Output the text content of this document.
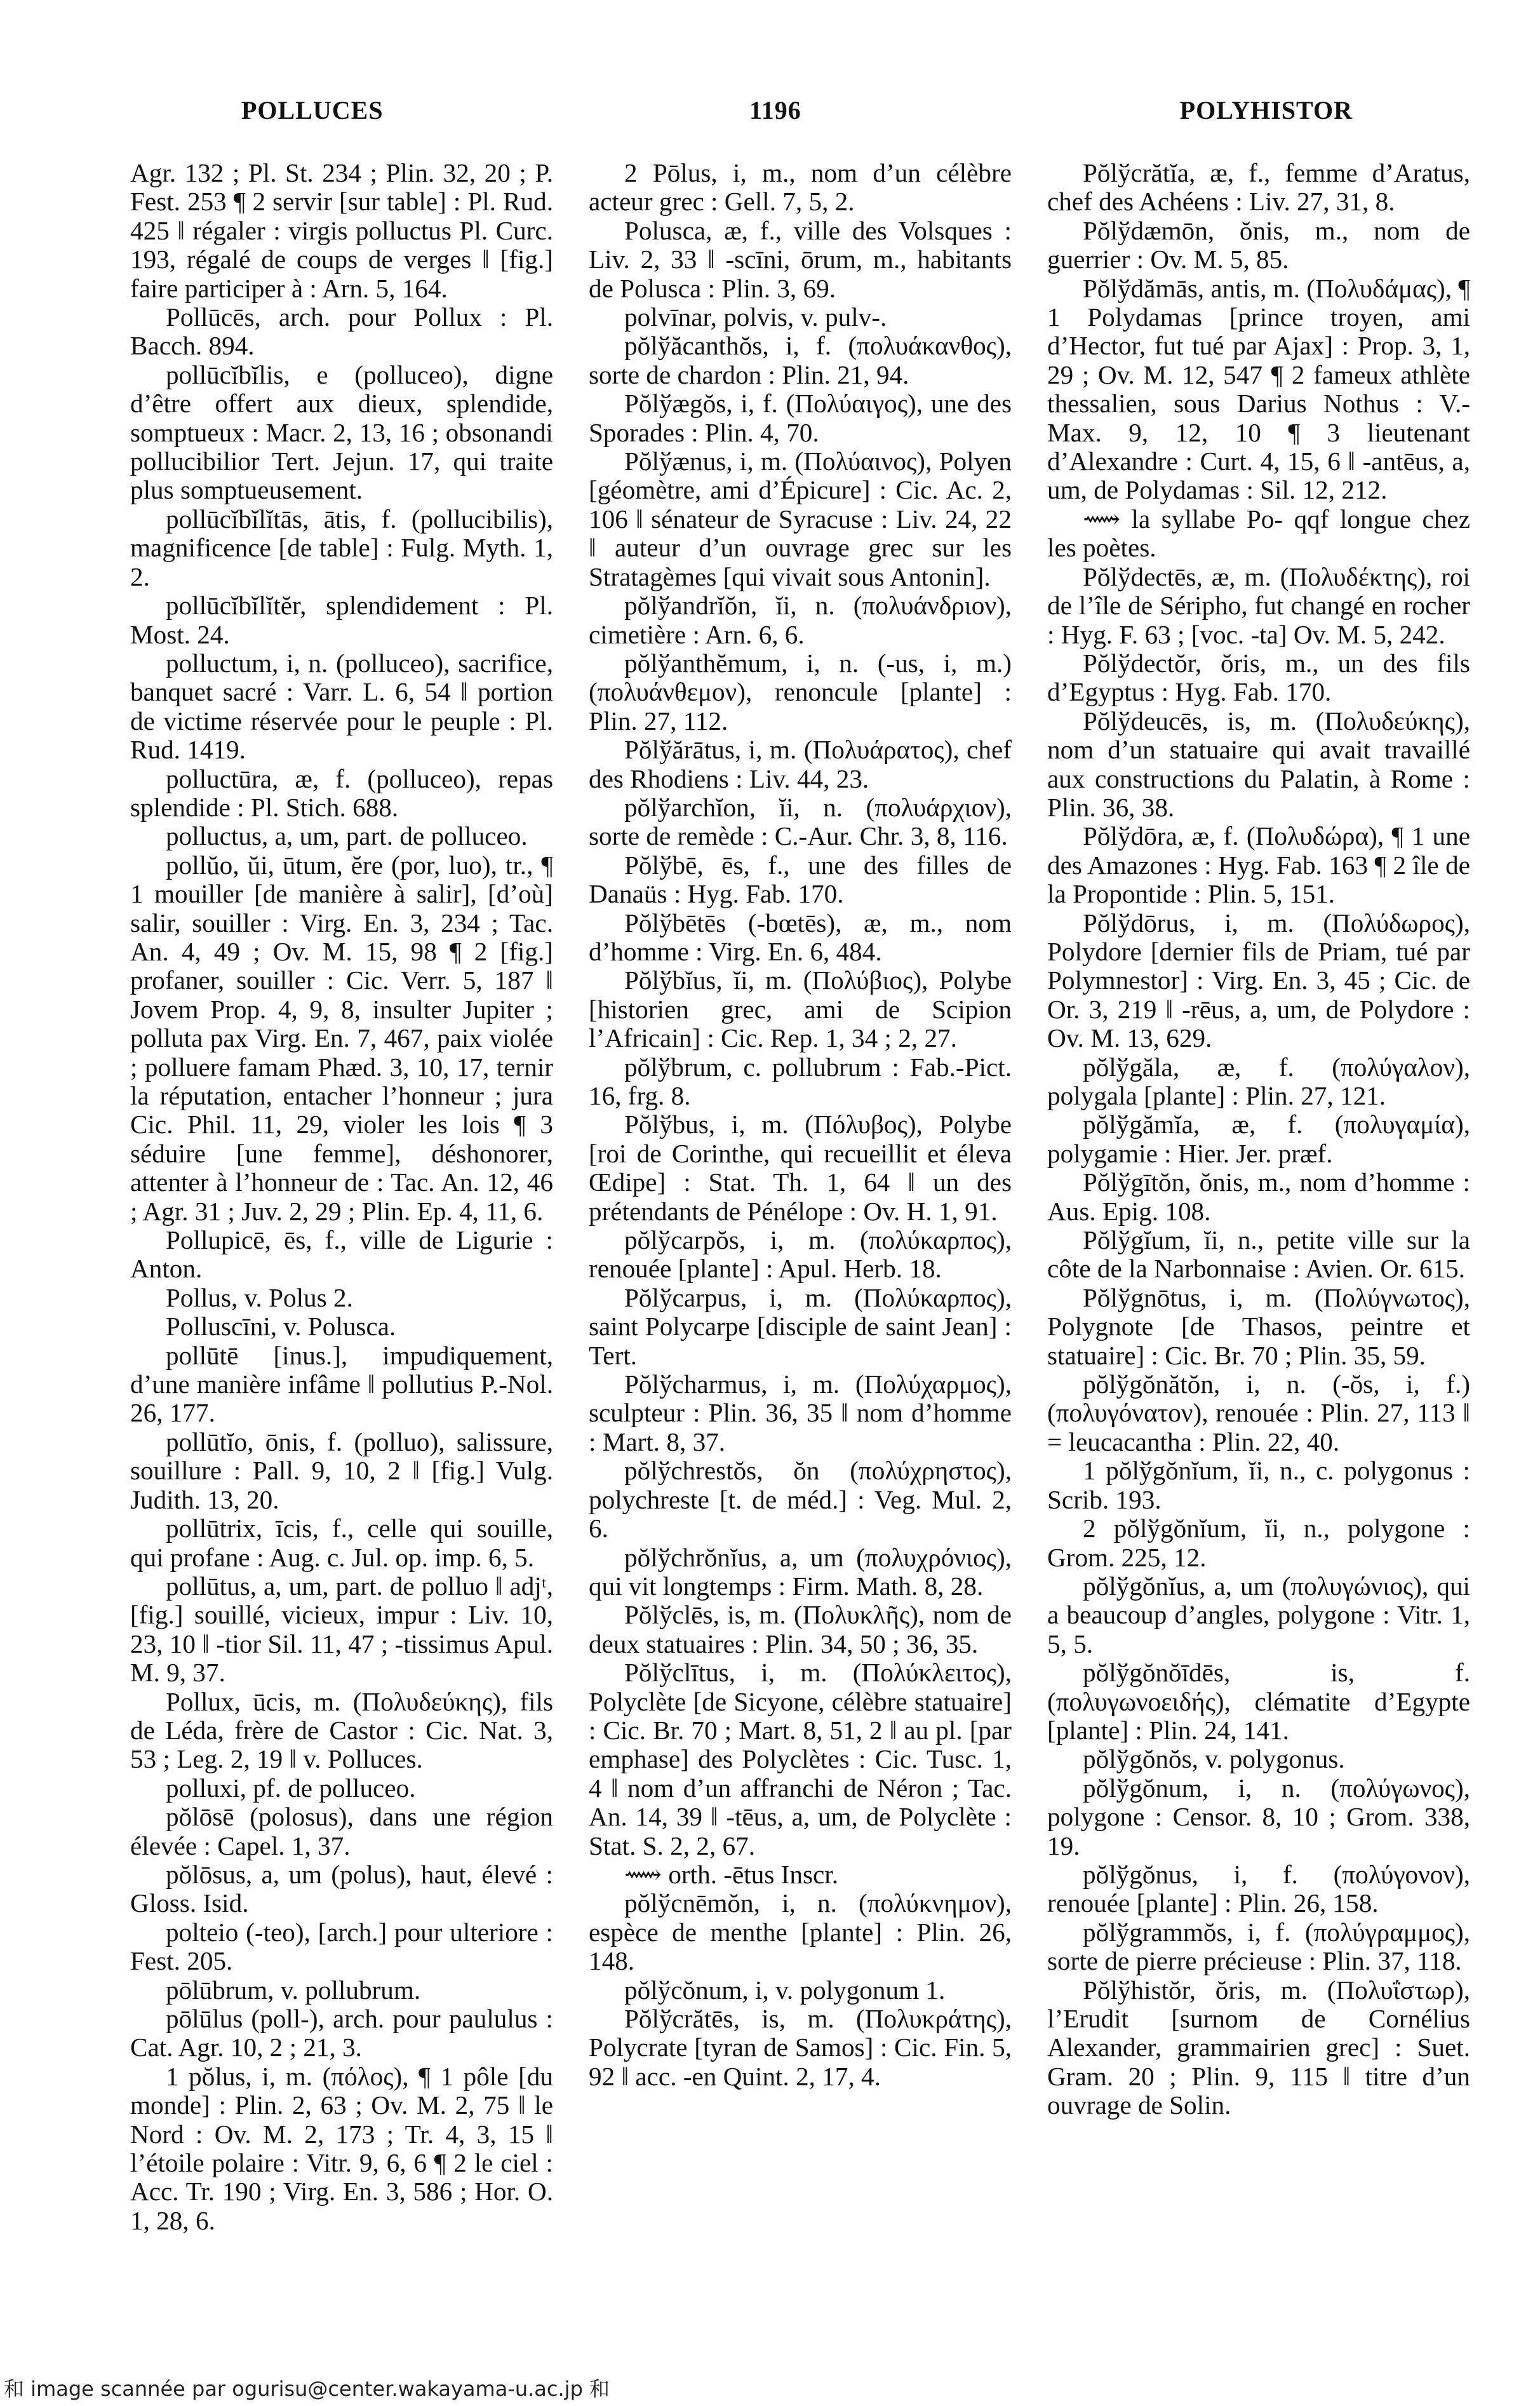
POLLUCES	1196	POLYHISTOR

Agr. 132 ; Pl. St. 234 ; Plin. 32, 20 ; P. Fest. 253 ¶ 2 servir [sur table] : Pl. Rud. 425 ‖ régaler : virgis polluctus Pl. Curc. 193, régalé de coups de verges ‖ [fig.] faire participer à : Arn. 5, 164.

Pollūcēs, arch. pour Pollux : Pl. Bacch. 894.

pollūcĭbĭlis, e (polluceo), digne d’être offert aux dieux, splendide, somptueux : Macr. 2, 13, 16 ; obsonandi pollucibilior Tert. Jejun. 17, qui traite plus somptueusement.

pollūcĭbĭlĭtās, ātis, f. (pollucibilis), magnificence [de table] : Fulg. Myth. 1, 2.

pollūcĭbĭlĭtĕr, splendidement : Pl. Most. 24.

polluctum, i, n. (polluceo), sacrifice, banquet sacré : Varr. L. 6, 54 ‖ portion de victime réservée pour le peuple : Pl. Rud. 1419.

polluctūra, æ, f. (polluceo), repas splendide : Pl. Stich. 688.

polluctus, a, um, part. de polluceo.

pollŭo, ŭi, ūtum, ĕre (por, luo), tr., ¶ 1 mouiller [de manière à salir], [d’où] salir, souiller : Virg. En. 3, 234 ; Tac. An. 4, 49 ; Ov. M. 15, 98 ¶ 2 [fig.] profaner, souiller : Cic. Verr. 5, 187 ‖ Jovem Prop. 4, 9, 8, insulter Jupiter ; polluta pax Virg. En. 7, 467, paix violée ; polluere famam Phæd. 3, 10, 17, ternir la réputation, entacher l’honneur ; jura Cic. Phil. 11, 29, violer les lois ¶ 3 séduire [une femme], déshonorer, attenter à l’honneur de : Tac. An. 12, 46 ; Agr. 31 ; Juv. 2, 29 ; Plin. Ep. 4, 11, 6.

Pollupicē, ēs, f., ville de Ligurie : Anton.

Pollus, v. Polus 2.

Polluscīni, v. Polusca.

pollūtē [inus.], impudiquement, d’une manière infâme ‖ pollutius P.-Nol. 26, 177.

pollūtĭo, ōnis, f. (polluo), salissure, souillure : Pall. 9, 10, 2 ‖ [fig.] Vulg. Judith. 13, 20.

pollūtrix, īcis, f., celle qui souille, qui profane : Aug. c. Jul. op. imp. 6, 5.

pollūtus, a, um, part. de polluo ‖ adjᵗ, [fig.] souillé, vicieux, impur : Liv. 10, 23, 10 ‖ -tior Sil. 11, 47 ; -tissimus Apul. M. 9, 37.

Pollux, ūcis, m. (Πολυδεύκης), fils de Léda, frère de Castor : Cic. Nat. 3, 53 ; Leg. 2, 19 ‖ v. Polluces.

polluxi, pf. de polluceo.

pŏlōsē (polosus), dans une région élevée : Capel. 1, 37.

pŏlōsus, a, um (polus), haut, élevé : Gloss. Isid.

polteio (-teo), [arch.] pour ulteriore : Fest. 205.

pōlūbrum, v. pollubrum.

pōlūlus (poll-), arch. pour paululus : Cat. Agr. 10, 2 ; 21, 3.

1 pŏlus, i, m. (πόλος), ¶ 1 pôle [du monde] : Plin. 2, 63 ; Ov. M. 2, 75 ‖ le Nord : Ov. M. 2, 173 ; Tr. 4, 3, 15 ‖ l’étoile polaire : Vitr. 9, 6, 6 ¶ 2 le ciel : Acc. Tr. 190 ; Virg. En. 3, 586 ; Hor. O. 1, 28, 6.

2 Pōlus, i, m., nom d’un célèbre acteur grec : Gell. 7, 5, 2.

Polusca, æ, f., ville des Volsques : Liv. 2, 33 ‖ -scīni, ōrum, m., habitants de Polusca : Plin. 3, 69.

polvīnar, polvis, v. pulv-.

pŏlўăcanthŏs, i, f. (πολυάκανθος), sorte de chardon : Plin. 21, 94.

Pŏlўægŏs, i, f. (Πολύαιγος), une des Sporades : Plin. 4, 70.

Pŏlўænus, i, m. (Πολύαινος), Polyen [géomètre, ami d’Épicure] : Cic. Ac. 2, 106 ‖ sénateur de Syracuse : Liv. 24, 22 ‖ auteur d’un ouvrage grec sur les Stratagèmes [qui vivait sous Antonin].

pŏlўandrĭŏn, ĭi, n. (πολυάνδριον), cimetière : Arn. 6, 6.

pŏlўanthĕmum, i, n. (-us, i, m.) (πολυάνθεμον), renoncule [plante] : Plin. 27, 112.

Pŏlўărātus, i, m. (Πολυάρατος), chef des Rhodiens : Liv. 44, 23.

pŏlўarchĭon, ĭi, n. (πολυάρχιον), sorte de remède : C.-Aur. Chr. 3, 8, 116.

Pŏlўbē, ēs, f., une des filles de Danaüs : Hyg. Fab. 170.

Pŏlўbētēs (-bœtēs), æ, m., nom d’homme : Virg. En. 6, 484.

Pŏlўbĭus, ĭi, m. (Πολύβιος), Polybe [historien grec, ami de Scipion l’Africain] : Cic. Rep. 1, 34 ; 2, 27.

pŏlўbrum, c. pollubrum : Fab.-Pict. 16, frg. 8.

Pŏlўbus, i, m. (Πόλυβος), Polybe [roi de Corinthe, qui recueillit et éleva Œdipe] : Stat. Th. 1, 64 ‖ un des prétendants de Pénélope : Ov. H. 1, 91.

pŏlўcarpŏs, i, m. (πολύκαρπος), renouée [plante] : Apul. Herb. 18.

Pŏlўcarpus, i, m. (Πολύκαρπος), saint Polycarpe [disciple de saint Jean] : Tert.

Pŏlўcharmus, i, m. (Πολύχαρμος), sculpteur : Plin. 36, 35 ‖ nom d’homme : Mart. 8, 37.

pŏlўchrestŏs, ŏn (πολύχρηστος), polychreste [t. de méd.] : Veg. Mul. 2, 6.

pŏlўchrŏnĭus, a, um (πολυχρόνιος), qui vit longtemps : Firm. Math. 8, 28.

Pŏlўclēs, is, m. (Πολυκλῆς), nom de deux statuaires : Plin. 34, 50 ; 36, 35.

Pŏlўclītus, i, m. (Πολύκλειτος), Polyclète [de Sicyone, célèbre statuaire] : Cic. Br. 70 ; Mart. 8, 51, 2 ‖ au pl. [par emphase] des Polyclètes : Cic. Tusc. 1, 4 ‖ nom d’un affranchi de Néron ; Tac. An. 14, 39 ‖ -tēus, a, um, de Polyclète : Stat. S. 2, 2, 67.

⟿ orth. -ētus Inscr.

pŏlўcnēmŏn, i, n. (πολύκνημον), espèce de menthe [plante] : Plin. 26, 148.

pŏlўcŏnum, i, v. polygonum 1.

Pŏlўcrătēs, is, m. (Πολυκράτης), Polycrate [tyran de Samos] : Cic. Fin. 5, 92 ‖ acc. -en Quint. 2, 17, 4.

Pŏlўcrătĭa, æ, f., femme d’Aratus, chef des Achéens : Liv. 27, 31, 8.

Pŏlўdæmōn, ŏnis, m., nom de guerrier : Ov. M. 5, 85.

Pŏlўdămās, antis, m. (Πολυδάμας), ¶ 1 Polydamas [prince troyen, ami d’Hector, fut tué par Ajax] : Prop. 3, 1, 29 ; Ov. M. 12, 547 ¶ 2 fameux athlète thessalien, sous Darius Nothus : V.-Max. 9, 12, 10 ¶ 3 lieutenant d’Alexandre : Curt. 4, 15, 6 ‖ -antēus, a, um, de Polydamas : Sil. 12, 212.

⟿ la syllabe Po- qqf longue chez les poètes.

Pŏlўdectēs, æ, m. (Πολυδέκτης), roi de l’île de Sériphо, fut changé en rocher : Hyg. F. 63 ; [voc. -ta] Ov. M. 5, 242.

Pŏlўdectŏr, ŏris, m., un des fils d’Egyptus : Hyg. Fab. 170.

Pŏlўdeucēs, is, m. (Πολυδεύκης), nom d’un statuaire qui avait travaillé aux constructions du Palatin, à Rome : Plin. 36, 38.

Pŏlўdōra, æ, f. (Πολυδώρα), ¶ 1 une des Amazones : Hyg. Fab. 163 ¶ 2 île de la Propontide : Plin. 5, 151.

Pŏlўdōrus, i, m. (Πολύδωρος), Polydore [dernier fils de Priam, tué par Polymnestor] : Virg. En. 3, 45 ; Cic. de Or. 3, 219 ‖ -rēus, a, um, de Polydore : Ov. M. 13, 629.

pŏlўgăla, æ, f. (πολύγαλον), polygala [plante] : Plin. 27, 121.

pŏlўgămĭa, æ, f. (πολυγαμία), polygamie : Hier. Jer. præf.

Pŏlўgītŏn, ŏnis, m., nom d’homme : Aus. Epig. 108.

Pŏlўgĭum, ĭi, n., petite ville sur la côte de la Narbonnaise : Avien. Or. 615.

Pŏlўgnōtus, i, m. (Πολύγνωτος), Polygnote [de Thasos, peintre et statuaire] : Cic. Br. 70 ; Plin. 35, 59.

pŏlўgŏnătŏn, i, n. (-ŏs, i, f.) (πολυγόνατον), renouée : Plin. 27, 113 ‖ = leucacantha : Plin. 22, 40.

1 pŏlўgŏnĭum, ĭi, n., c. polygonus : Scrib. 193.

2 pŏlўgŏnĭum, ĭi, n., polygone : Grom. 225, 12.

pŏlўgŏnĭus, a, um (πολυγώνιος), qui a beaucoup d’angles, polygone : Vitr. 1, 5, 5.

pŏlўgŏnŏīdēs, is, f. (πολυγωνοειδής), clématite d’Egypte [plante] : Plin. 24, 141.

pŏlўgŏnŏs, v. polygonus.

pŏlўgŏnum, i, n. (πολύγωνος), polygone : Censor. 8, 10 ; Grom. 338, 19.

pŏlўgŏnus, i, f. (πολύγονον), renouée [plante] : Plin. 26, 158.

pŏlўgrammŏs, i, f. (πολύγραμμος), sorte de pierre précieuse : Plin. 37, 118.

Pŏlўhistŏr, ŏris, m. (Πολυΐστωρ), l’Erudit [surnom de Cornélius Alexander, grammairien grec] : Suet. Gram. 20 ; Plin. 9, 115 ‖ titre d’un ouvrage de Solin.

和 image scannée par ogurisu@center.wakayama-u.ac.jp 和
